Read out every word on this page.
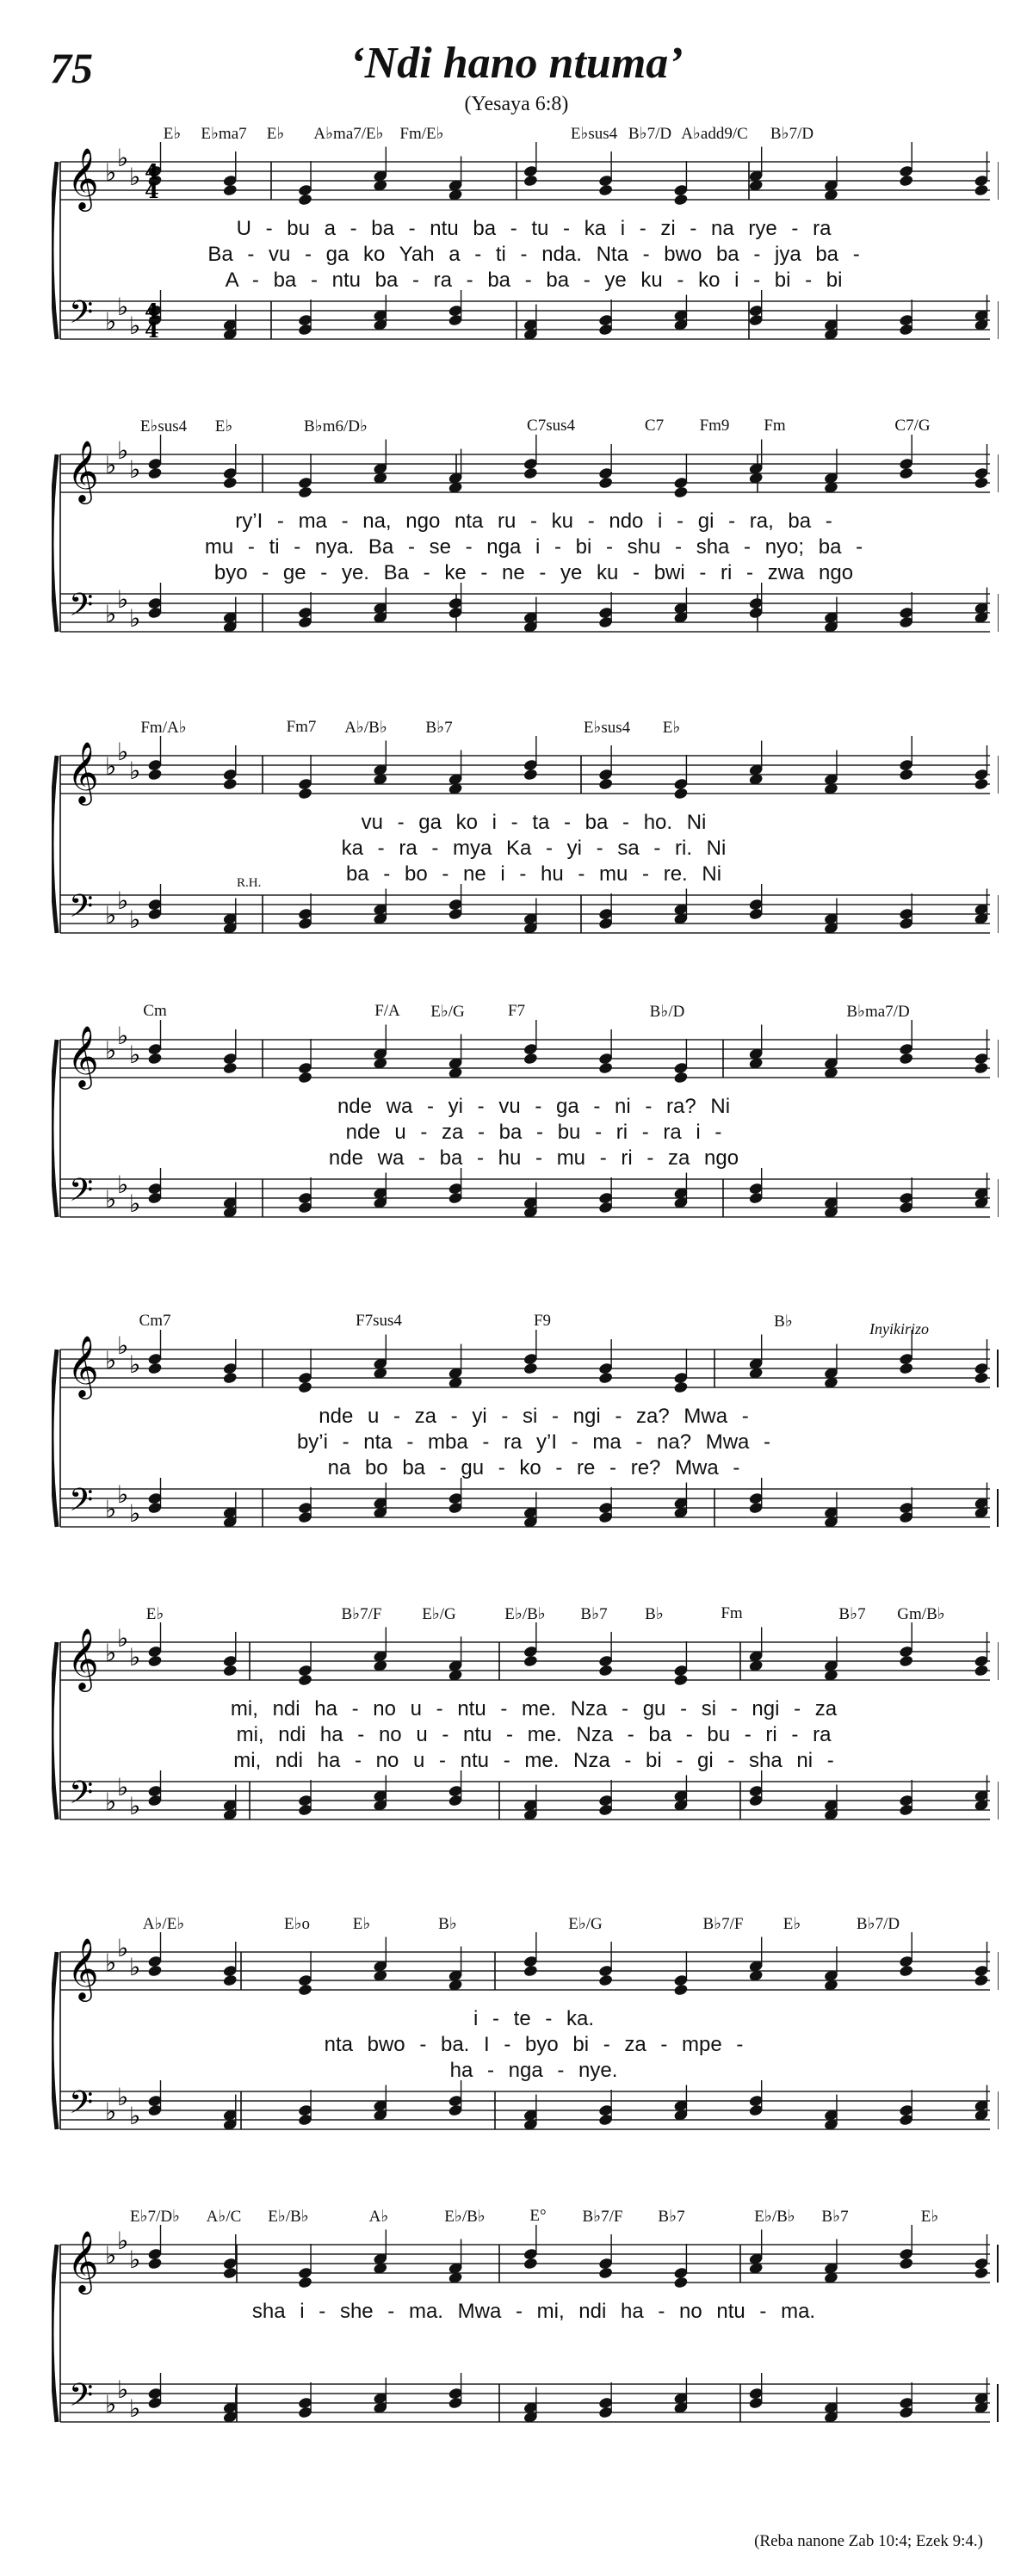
75	‘Ndi hano ntuma’
(Yesaya 6:8)
𝄞
𝄢
♭
♭
♭
♭
♭
♭
4
4
4
4
E♭ E♭ma7 E♭ A♭ma7/E♭ Fm/E♭	E♭sus4 B♭7/D A♭add9/C B♭7/D
U - bu a - ba - ntu ba - tu - ka i - zi - na rye - ra
Ba - vu - ga ko Yah a - ti - nda. Nta - bwo ba - jya ba -
A - ba - ntu ba - ra - ba - ba - ye ku - ko i - bi - bi
𝄞
𝄢
♭
♭
♭
♭
♭
♭
E♭sus4 E♭	B♭m6/D♭	C7sus4	C7 Fm9 Fm	C7/G
ry’I - ma - na, ngo nta ru - ku - ndo i - gi - ra, ba -
mu - ti - nya. Ba - se - nga i - bi - shu - sha - nyo; ba -
byo - ge - ye. Ba - ke - ne - ye ku - bwi - ri - zwa ngo
𝄞
𝄢
♭
♭
♭
♭
♭
♭
Fm/A♭	Fm7 A♭/B♭ B♭7	E♭sus4 E♭
R.H.
vu - ga ko i - ta - ba - ho. Ni
ka - ra - mya Ka - yi - sa - ri. Ni
ba - bo - ne i - hu - mu - re. Ni
𝄞
𝄢
♭
♭
♭
♭
♭
♭
Cm	F/A E♭/G	F7	B♭/D	B♭ma7/D
nde wa - yi - vu - ga - ni - ra? Ni
nde u - za - ba - bu - ri - ra i -
nde wa - ba - hu - mu - ri - za ngo
𝄞
𝄢
♭
♭
♭
♭
♭
♭
Cm7	F7sus4	F9	B♭	Inyikirizo
nde u - za - yi - si - ngi - za? Mwa -
by’i - nta - mba - ra y’I - ma - na? Mwa -
na bo ba - gu - ko - re - re? Mwa -
𝄞
𝄢
♭
♭
♭
♭
♭
♭
E♭	B♭7/F E♭/G	E♭/B♭ B♭7 B♭	Fm	B♭7 Gm/B♭
mi, ndi ha - no u - ntu - me. Nza - gu - si - ngi - za
mi, ndi ha - no u - ntu - me. Nza - ba - bu - ri - ra
mi, ndi ha - no u - ntu - me. Nza - bi - gi - sha ni -
𝄞
𝄢
♭
♭
♭
♭
♭
♭
A♭/E♭	E♭o	E♭	B♭	E♭/G	B♭7/F E♭	B♭7/D
i - te - ka.
nta bwo - ba. I - byo bi - za - mpe -
ha - nga - nye.
𝄞
𝄢
♭
♭
♭
♭
♭
♭
E♭7/D♭ A♭/C E♭/B♭	A♭	E♭/B♭	E° B♭7/F B♭7	E♭/B♭ B♭7	E♭
sha i - she - ma. Mwa - mi, ndi ha - no ntu - ma.
(Reba nanone Zab 10:4; Ezek 9:4.)
